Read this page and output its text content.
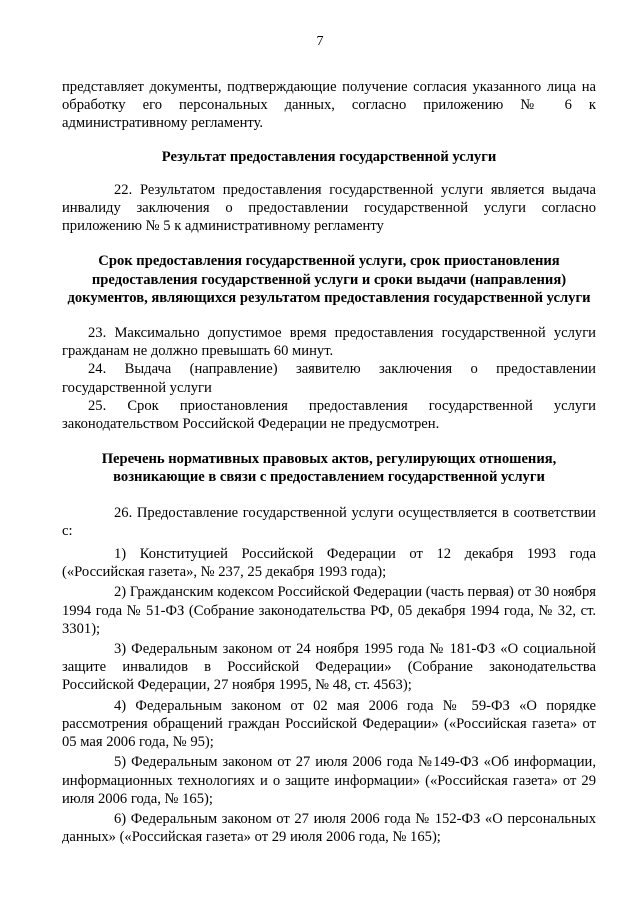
7

представляет документы, подтверждающие получение согласия указанного лица на обработку его персональных данных, согласно приложению № 6 к административному регламенту.

Результат предоставления государственной услуги

22. Результатом предоставления государственной услуги является выдача инвалиду заключения о предоставлении государственной услуги согласно приложению № 5 к административному регламенту

Срок предоставления государственной услуги, срок приостановления предоставления государственной услуги и сроки выдачи (направления) документов, являющихся результатом предоставления государственной услуги

23. Максимально допустимое время предоставления государственной услуги гражданам не должно превышать 60 минут.

24. Выдача (направление) заявителю заключения о предоставлении государственной услуги

25. Срок приостановления предоставления государственной услуги законодательством Российской Федерации не предусмотрен.

Перечень нормативных правовых актов, регулирующих отношения, возникающие в связи с предоставлением государственной услуги

26. Предоставление государственной услуги осуществляется в соответствии с:

1) Конституцией Российской Федерации от 12 декабря 1993 года («Российская газета», № 237, 25 декабря 1993 года);

2) Гражданским кодексом Российской Федерации (часть первая) от 30 ноября 1994 года № 51-ФЗ (Собрание законодательства РФ, 05 декабря 1994 года, № 32, ст. 3301);

3) Федеральным законом от 24 ноября 1995 года № 181-ФЗ «О социальной защите инвалидов в Российской Федерации» (Собрание законодательства Российской Федерации, 27 ноября 1995, № 48, ст. 4563);

4) Федеральным законом от 02 мая 2006 года № 59-ФЗ «О порядке рассмотрения обращений граждан Российской Федерации» («Российская газета» от 05 мая 2006 года, № 95);

5) Федеральным законом от 27 июля 2006 года №149-ФЗ «Об информации, информационных технологиях и о защите информации» («Российская газета» от 29 июля 2006 года, № 165);

6) Федеральным законом от 27 июля 2006 года № 152-ФЗ «О персональных данных» («Российская газета» от 29 июля 2006 года, № 165);
